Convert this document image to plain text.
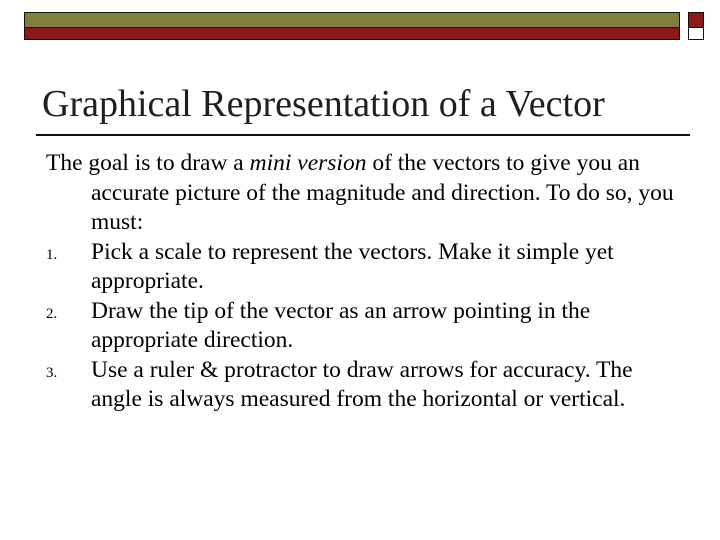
Graphical Representation of a Vector

The goal is to draw a mini version of the vectors to give you an accurate picture of the magnitude and direction. To do so, you must:

1. Pick a scale to represent the vectors. Make it simple yet appropriate.
2. Draw the tip of the vector as an arrow pointing in the appropriate direction.
3. Use a ruler & protractor to draw arrows for accuracy. The angle is always measured from the horizontal or vertical.
